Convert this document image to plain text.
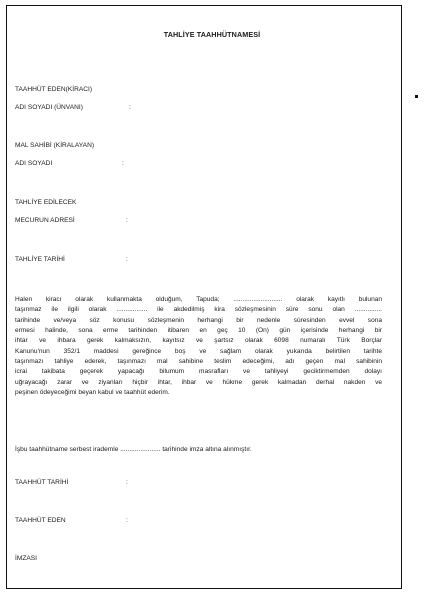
TAHLİYE TAAHHÜTNAMESİ
TAAHHÜT EDEN(KİRACI)
ADI SOYADI (ÜNVANI)	:
MAL SAHİBİ (KİRALAYAN)
ADI SOYADI	:
TAHLİYE EDİLECEK
MECURUN ADRESİ	:
TAHLİYE TARİHİ	:
Halen kiracı olarak kullanmakta olduğum, Tapuda; ........................... olarak kayıtlı bulunan
taşınmaz ile ilgili olarak ................. ile akdedilmiş kira sözleşmesinin süre sonu olan ...............
tarihinde ve/veya söz konusu sözleşmenin herhangi bir nedenle süresinden evvel sona
ermesi halinde, sona erme tarihinden itibaren en geç 10 (On) gün içerisinde herhangi bir
ihtar ve ihbara gerek kalmaksızın, kayıtsız ve şartsız olarak 6098 numaralı Türk Borçlar
Kanunu'nun 352/1 maddesi gereğince boş ve sağlam olarak yukarıda belirtilen tarihte
taşınmazı tahliye ederek, taşınmazı mal sahibine teslim edeceğimi, adı geçen mal sahibinin
icrai takibata geçerek yapacağı bilumum masrafları ve tahliyeyi geciktirmemden dolayı
uğrayacağı zarar ve ziyanları hiçbir ihtar, ihbar ve hükme gerek kalmadan derhal nakden ve
peşinen ödeyeceğimi beyan kabul ve taahhüt ederim.
İşbu taahhütname serbest irademle ...................... tarihinde imza altına alınmıştır.
TAAHHÜT TARİHİ	:
TAAHHÜT EDEN	:
İMZASI
